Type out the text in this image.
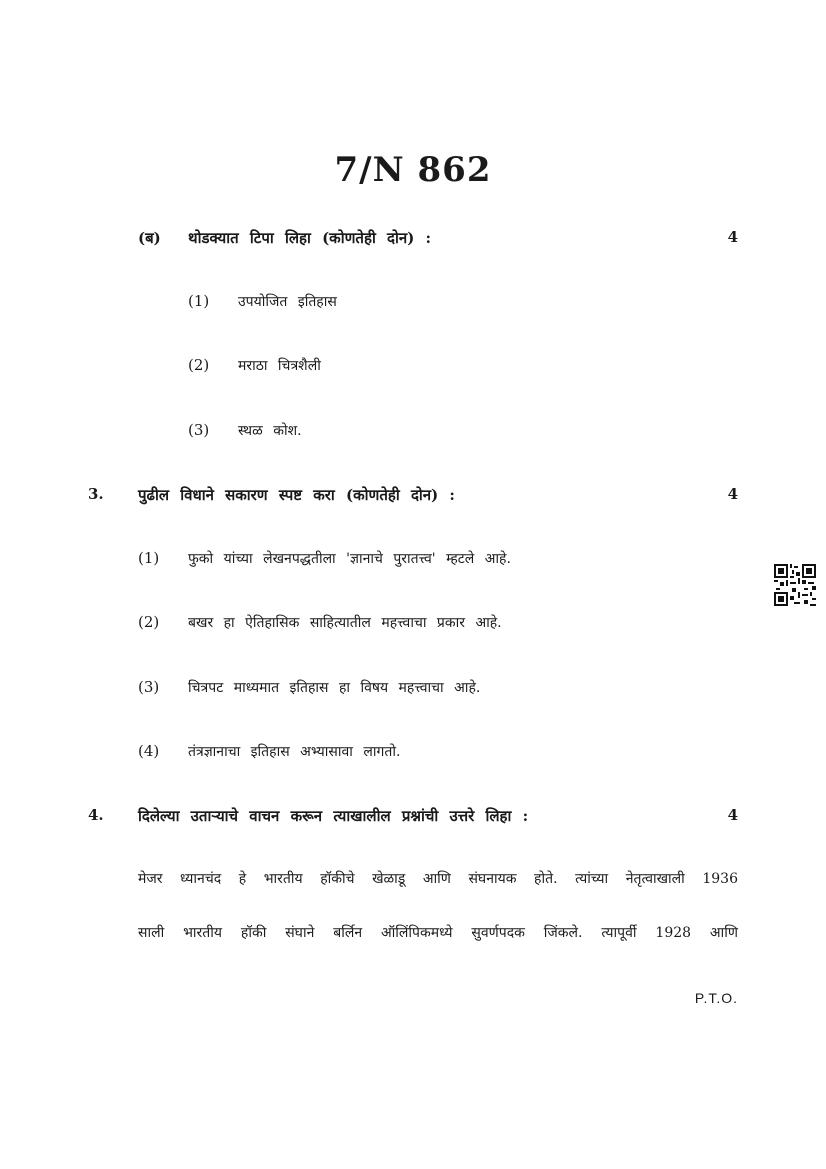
7/N 862
(ब) थोडक्यात टिपा लिहा (कोणतेही दोन) :	4
(1) उपयोजित इतिहास
(2) मराठा चित्रशैली
(3) स्थळ कोश.
3. पुढील विधाने सकारण स्पष्ट करा (कोणतेही दोन) :	4
(1) फुको यांच्या लेखनपद्धतीला 'ज्ञानाचे पुरातत्त्व' म्हटले आहे.
(2) बखर हा ऐतिहासिक साहित्यातील महत्त्वाचा प्रकार आहे.
(3) चित्रपट माध्यमात इतिहास हा विषय महत्त्वाचा आहे.
(4) तंत्रज्ञानाचा इतिहास अभ्यासावा लागतो.
4. दिलेल्या उताऱ्याचे वाचन करून त्याखालील प्रश्नांची उत्तरे लिहा :	4
मेजर ध्यानचंद हे भारतीय हॉकीचे खेळाडू आणि संघनायक होते. त्यांच्या नेतृत्वाखाली 1936
साली भारतीय हॉकी संघाने बर्लिन ऑलिंपिकमध्ये सुवर्णपदक जिंकले. त्यापूर्वी 1928 आणि
P.T.O.
